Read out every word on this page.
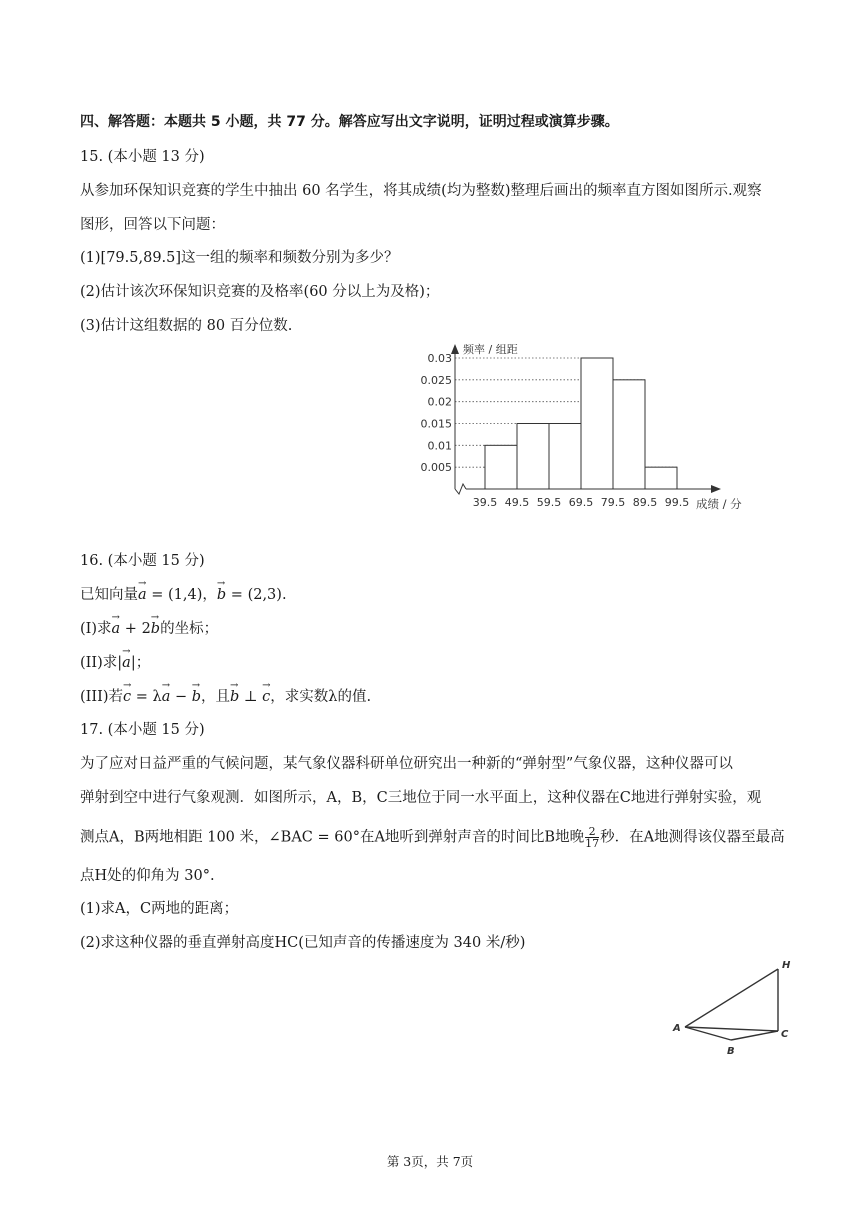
四、解答题：本题共 5 小题，共 77 分。解答应写出文字说明，证明过程或演算步骤。
15. (本小题 13 分)
从参加环保知识竞赛的学生中抽出 60 名学生，将其成绩(均为整数)整理后画出的频率直方图如图所示.观察
图形，回答以下问题：
(1)[79.5,89.5]这一组的频率和频数分别为多少？
(2)估计该次环保知识竞赛的及格率(60 分以上为及格)；
(3)估计这组数据的 80 百分位数.
0.005
0.01
0.015
0.02
0.025
0.03
39.5 49.5 59.5 69.5 79.5 89.5 99.5
频率 / 组距
成绩 / 分
16. (本小题 15 分)
已知向量→ a = (1,4)，→ b = (2,3).
(I)求→ a + 2→ b的坐标；
(II)求|→ a|；
(III)若→ c = λ→ a − → b，且→ b ⊥ → c，求实数λ的值.
17. (本小题 15 分)
为了应对日益严重的气候问题，某气象仪器科研单位研究出一种新的“弹射型”气象仪器，这种仪器可以
弹射到空中进行气象观测．如图所示，A，B，C三地位于同一水平面上，这种仪器在C地进行弹射实验，观
测点A，B两地相距 100 米，∠BAC = 60°在A地听到弹射声音的时间比B地晚 $\frac{2}{17}$ 秒．在A地测得该仪器至最高
点H处的仰角为 30°.
(1)求A，C两地的距离；
(2)求这种仪器的垂直弹射高度HC(已知声音的传播速度为 340 米/秒)
H
A
B
C
第 3页，共 7页
